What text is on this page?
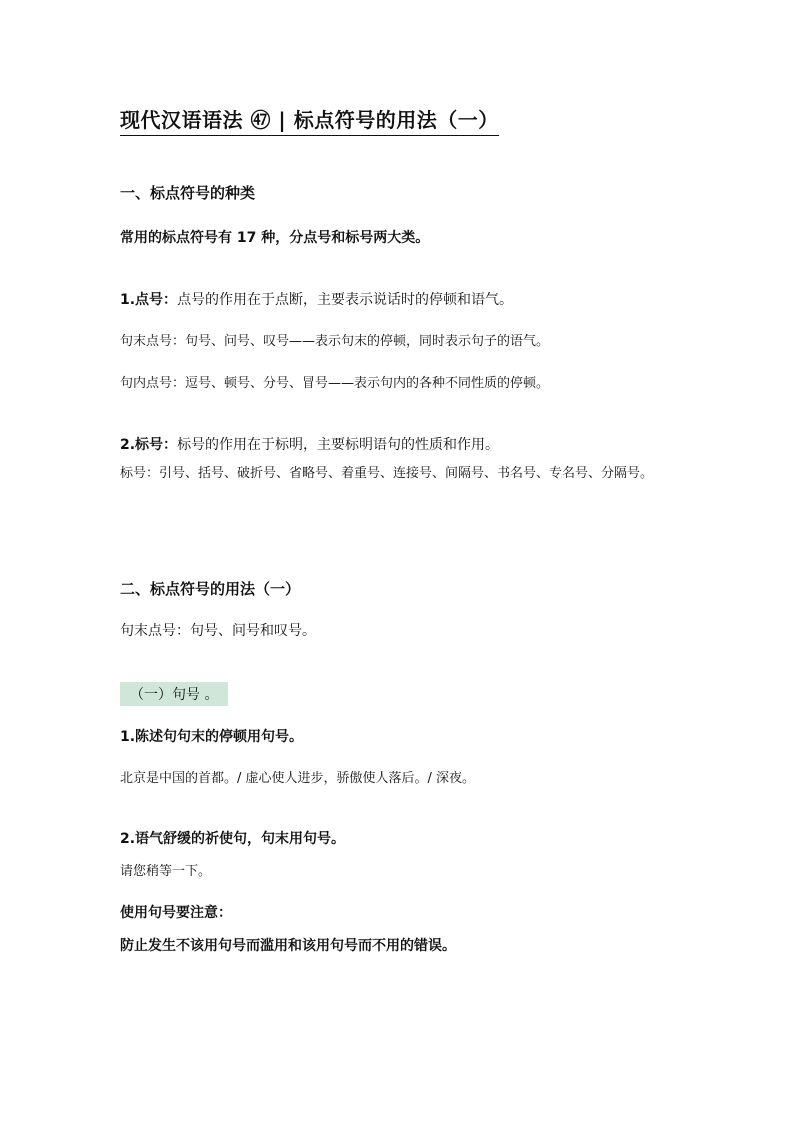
现代汉语语法 ㊼ | 标点符号的用法（一）
一、标点符号的种类
常用的标点符号有 17 种，分点号和标号两大类。
1.点号：点号的作用在于点断，主要表示说话时的停顿和语气。
句末点号：句号、问号、叹号——表示句末的停顿，同时表示句子的语气。
句内点号：逗号、顿号、分号、冒号——表示句内的各种不同性质的停顿。
2.标号：标号的作用在于标明，主要标明语句的性质和作用。
标号：引号、括号、破折号、省略号、着重号、连接号、间隔号、书名号、专名号、分隔号。
二、标点符号的用法（一）
句末点号：句号、问号和叹号。
（一）句号 。
1.陈述句句末的停顿用句号。
北京是中国的首都。/ 虚心使人进步，骄傲使人落后。/ 深夜。
2.语气舒缓的祈使句，句末用句号。
请您稍等一下。
使用句号要注意：
防止发生不该用句号而滥用和该用句号而不用的错误。
